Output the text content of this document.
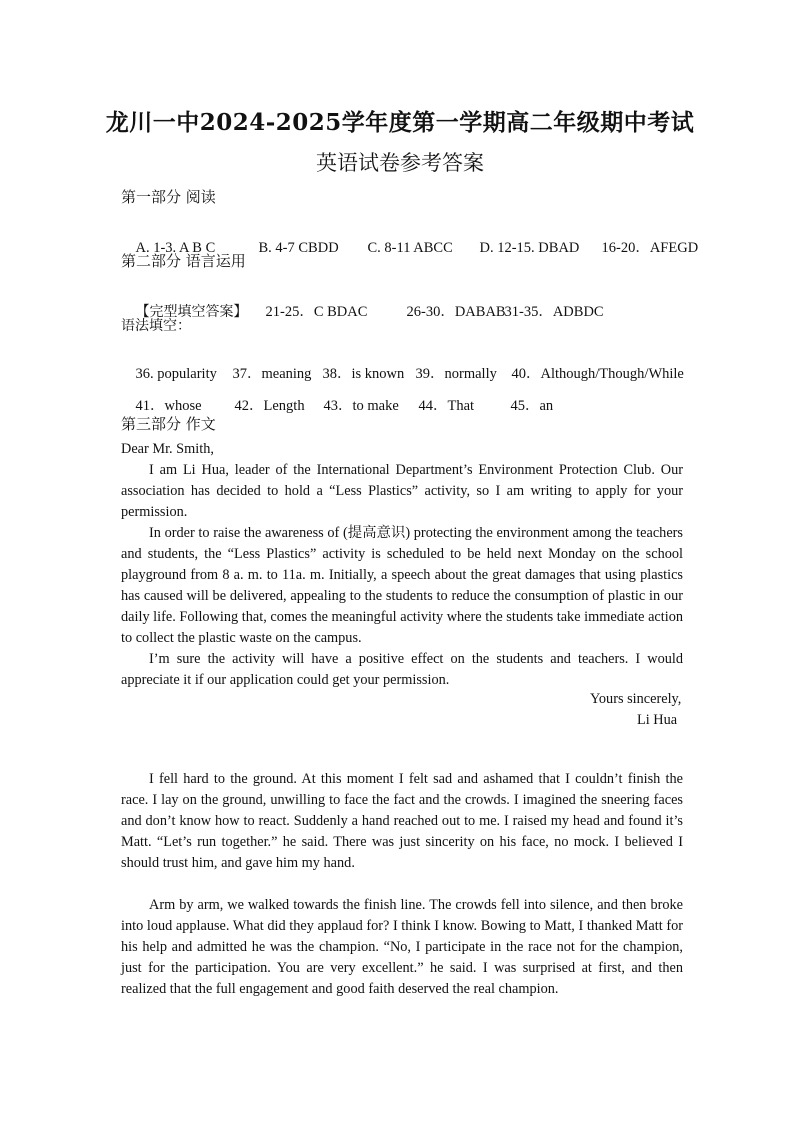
龙川一中2024-2025学年度第一学期高二年级期中考试
英语试卷参考答案
第一部分 阅读

A. 1-3. A B C	B. 4-7 CBDD C. 8-11 ABCC D. 12-15. DBAD 16-20．AFEGD

第二部分 语言运用

【完型填空答案】 21-25．C BDAC	26-30．DABAB31-35．ADBDC

语法填空：

36. popularity 37．meaning 38．is known 39．normally 40．Although/Though/While

41．whose 42．Length 43．to make 44．That	45．an

第三部分 作文
Dear Mr. Smith,
I am Li Hua, leader of the International Department’s Environment Protection Club. Our association has decided to hold a “Less Plastics” activity, so I am writing to apply for your permission.
In order to raise the awareness of (提高意识) protecting the environment among the teachers and students, the “Less Plastics” activity is scheduled to be held next Monday on the school playground from 8 a. m. to 11a. m. Initially, a speech about the great damages that using plastics has caused will be delivered, appealing to the students to reduce the consumption of plastic in our daily life. Following that, comes the meaningful activity where the students take immediate action to collect the plastic waste on the campus.
I’m sure the activity will have a positive effect on the students and teachers. I would appreciate it if our application could get your permission.
Yours sincerely,
Li Hua
I fell hard to the ground. At this moment I felt sad and ashamed that I couldn’t finish the race. I lay on the ground, unwilling to face the fact and the crowds. I imagined the sneering faces and don’t know how to react. Suddenly a hand reached out to me. I raised my head and found it’s Matt. “Let’s run together.” he said. There was just sincerity on his face, no mock. I believed I should trust him, and gave him my hand.
Arm by arm, we walked towards the finish line. The crowds fell into silence, and then broke into loud applause. What did they applaud for? I think I know. Bowing to Matt, I thanked Matt for his help and admitted he was the champion. “No, I participate in the race not for the champion, just for the participation. You are very excellent.” he said. I was surprised at first, and then realized that the full engagement and good faith deserved the real champion.
